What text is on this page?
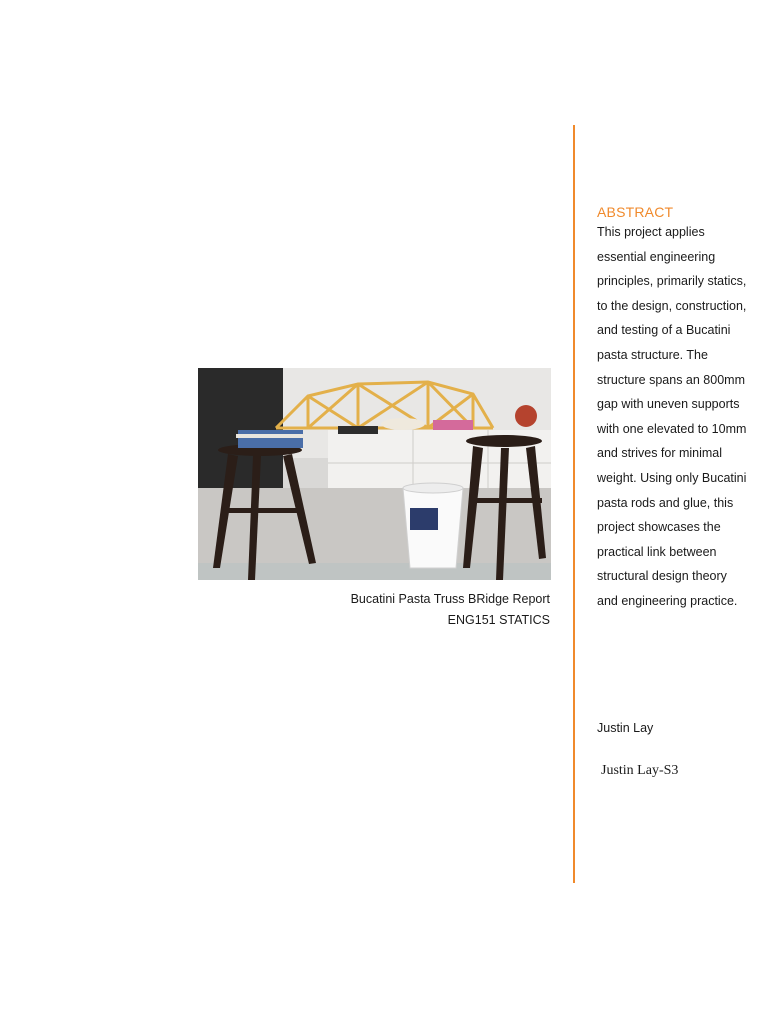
Bucatini Pasta Truss BRidge Report
ENG151 STATICS
ABSTRACT
This project applies essential engineering principles, primarily statics, to the design, construction, and testing of a Bucatini pasta structure. The structure spans an 800mm gap with uneven supports with one elevated to 10mm and strives for minimal weight. Using only Bucatini pasta rods and glue, this project showcases the practical link between structural design theory and engineering practice.
Justin Lay
Justin Lay-S3
